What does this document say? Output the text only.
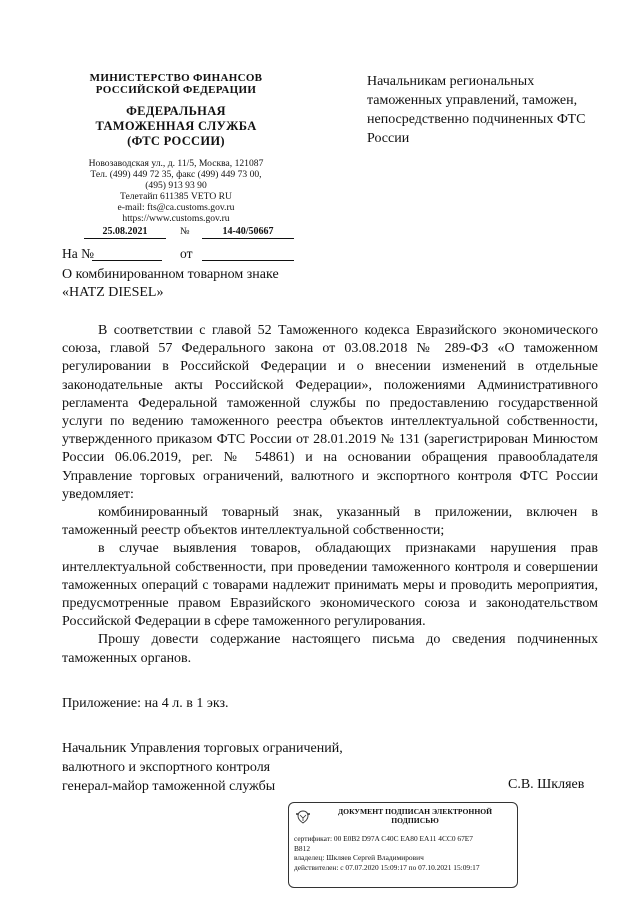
МИНИСТЕРСТВО ФИНАНСОВ
РОССИЙСКОЙ ФЕДЕРАЦИИ
ФЕДЕРАЛЬНАЯ
ТАМОЖЕННАЯ СЛУЖБА
(ФТС РОССИИ)
Новозаводская ул., д. 11/5, Москва, 121087
Тел. (499) 449 72 35, факс (499) 449 73 00,
(495) 913 93 90
Телетайп 611385 VETO RU
e-mail: fts@ca.customs.gov.ru
https://www.customs.gov.ru
25.08.2021	№	14-40/50667
На №	от
Начальникам региональных таможенных управлений, таможен, непосредственно подчиненных ФТС России
О комбинированном товарном знаке
«HATZ DIESEL»

В соответствии с главой 52 Таможенного кодекса Евразийского экономического союза, главой 57 Федерального закона от 03.08.2018 № 289-ФЗ «О таможенном регулировании в Российской Федерации и о внесении изменений в отдельные законодательные акты Российской Федерации», положениями Административного регламента Федеральной таможенной службы по предоставлению государственной услуги по ведению таможенного реестра объектов интеллектуальной собственности, утвержденного приказом ФТС России от 28.01.2019 № 131 (зарегистрирован Минюстом России 06.06.2019, рег. № 54861) и на основании обращения правообладателя Управление торговых ограничений, валютного и экспортного контроля ФТС России уведомляет:

комбинированный товарный знак, указанный в приложении, включен в таможенный реестр объектов интеллектуальной собственности;

в случае выявления товаров, обладающих признаками нарушения прав интеллектуальной собственности, при проведении таможенного контроля и совершении таможенных операций с товарами надлежит принимать меры и проводить мероприятия, предусмотренные правом Евразийского экономического союза и законодательством Российской Федерации в сфере таможенного регулирования.

Прошу довести содержание настоящего письма до сведения подчиненных таможенных органов.

Приложение: на 4 л. в 1 экз.
Начальник Управления торговых ограничений,
валютного и экспортного контроля
генерал-майор таможенной службы	С.В. Шкляев
ДОКУМЕНТ ПОДПИСАН ЭЛЕКТРОННОЙ
ПОДПИСЬЮ
сертификат: 00 E0B2 D97A C40C EA80 EA11 4CC0 67E7
B812
владелец: Шкляев Сергей Владимирович
действителен: с 07.07.2020 15:09:17 по 07.10.2021 15:09:17
